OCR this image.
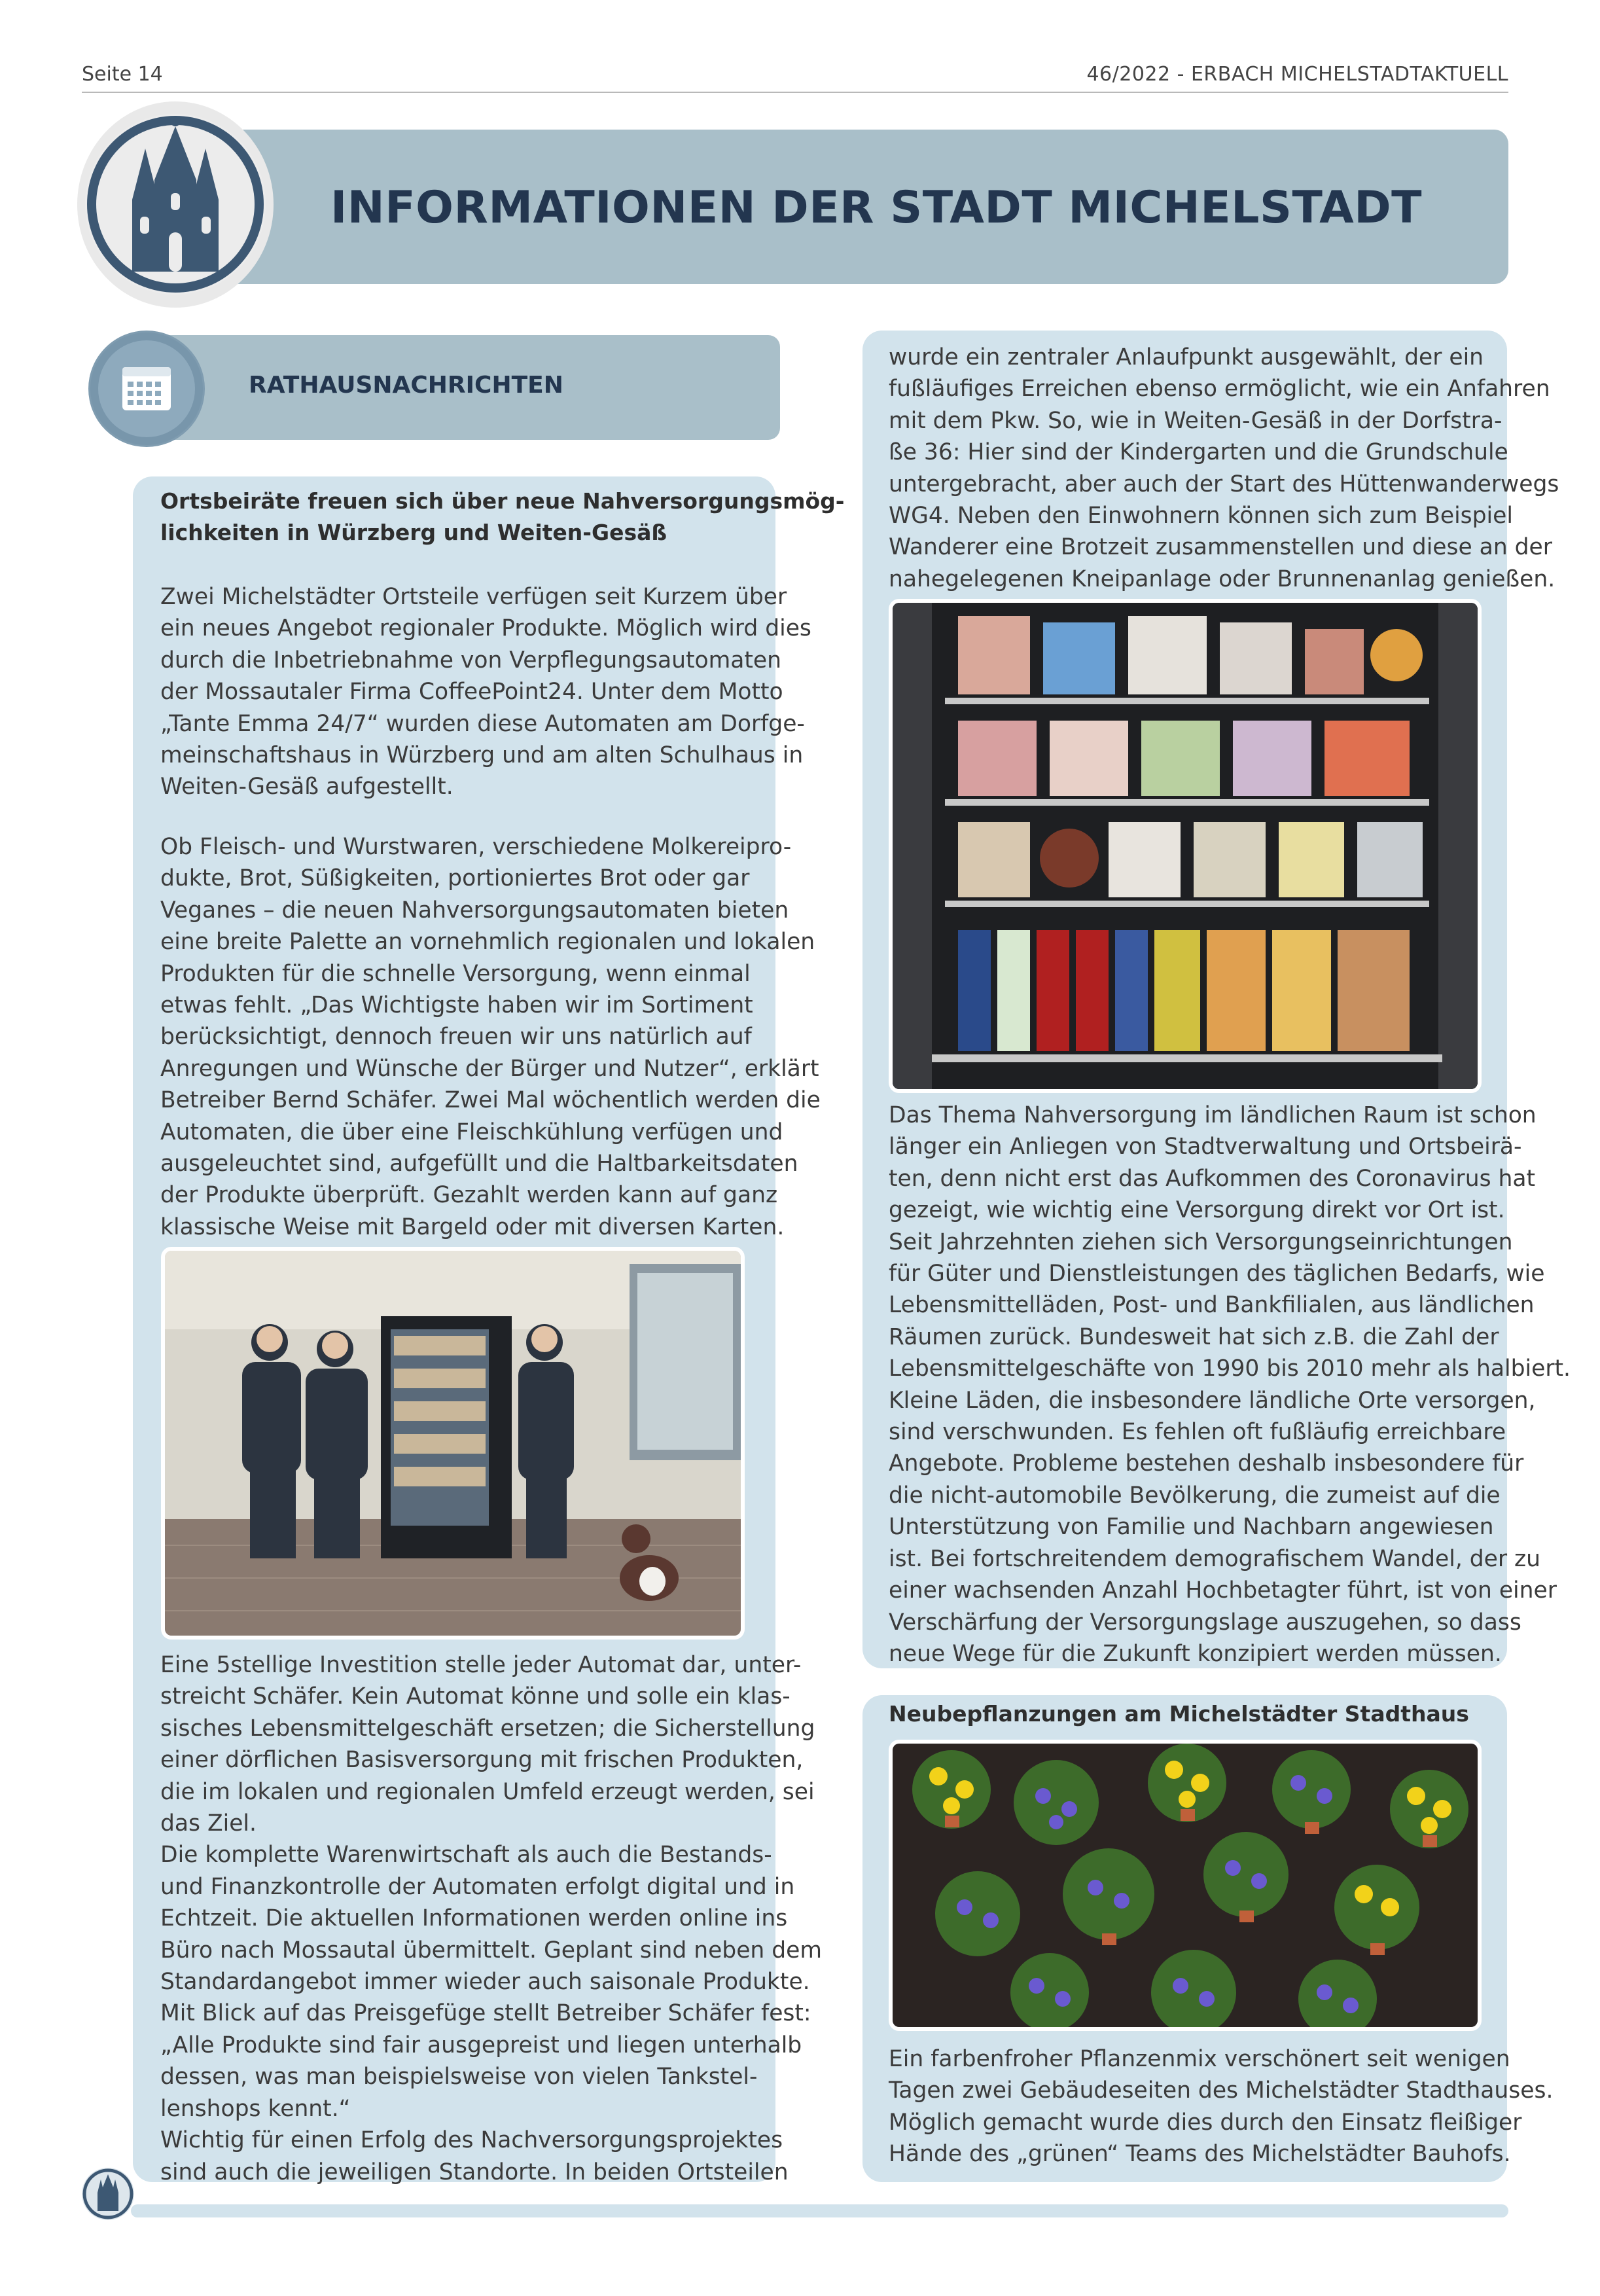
Seite 14	46/2022 - ERBACH MICHELSTADTAKTUELL
INFORMATIONEN DER STADT MICHELSTADT
RATHAUSNACHRICHTEN
Ortsbeiräte freuen sich über neue Nahversorgungsmög-
lichkeiten in Würzberg und Weiten-Gesäß
Zwei Michelstädter Ortsteile verfügen seit Kurzem über
ein neues Angebot regionaler Produkte. Möglich wird dies
durch die Inbetriebnahme von Verpflegungsautomaten
der Mossautaler Firma CoffeePoint24. Unter dem Motto
„Tante Emma 24/7“ wurden diese Automaten am Dorfge-
meinschaftshaus in Würzberg und am alten Schulhaus in
Weiten-Gesäß aufgestellt.
Ob Fleisch- und Wurstwaren, verschiedene Molkereipro-
dukte, Brot, Süßigkeiten, portioniertes Brot oder gar
Veganes – die neuen Nahversorgungsautomaten bieten
eine breite Palette an vornehmlich regionalen und lokalen
Produkten für die schnelle Versorgung, wenn einmal
etwas fehlt. „Das Wichtigste haben wir im Sortiment
berücksichtigt, dennoch freuen wir uns natürlich auf
Anregungen und Wünsche der Bürger und Nutzer“, erklärt
Betreiber Bernd Schäfer. Zwei Mal wöchentlich werden die
Automaten, die über eine Fleischkühlung verfügen und
ausgeleuchtet sind, aufgefüllt und die Haltbarkeitsdaten
der Produkte überprüft. Gezahlt werden kann auf ganz
klassische Weise mit Bargeld oder mit diversen Karten.
Eine 5stellige Investition stelle jeder Automat dar, unter-
streicht Schäfer. Kein Automat könne und solle ein klas-
sisches Lebensmittelgeschäft ersetzen; die Sicherstellung
einer dörflichen Basisversorgung mit frischen Produkten,
die im lokalen und regionalen Umfeld erzeugt werden, sei
das Ziel.
Die komplette Warenwirtschaft als auch die Bestands-
und Finanzkontrolle der Automaten erfolgt digital und in
Echtzeit. Die aktuellen Informationen werden online ins
Büro nach Mossautal übermittelt. Geplant sind neben dem
Standardangebot immer wieder auch saisonale Produkte.
Mit Blick auf das Preisgefüge stellt Betreiber Schäfer fest:
„Alle Produkte sind fair ausgepreist und liegen unterhalb
dessen, was man beispielsweise von vielen Tankstel-
lenshops kennt.“
Wichtig für einen Erfolg des Nachversorgungsprojektes
sind auch die jeweiligen Standorte. In beiden Ortsteilen
wurde ein zentraler Anlaufpunkt ausgewählt, der ein
fußläufiges Erreichen ebenso ermöglicht, wie ein Anfahren
mit dem Pkw. So, wie in Weiten-Gesäß in der Dorfstra-
ße 36: Hier sind der Kindergarten und die Grundschule
untergebracht, aber auch der Start des Hüttenwanderwegs
WG4. Neben den Einwohnern können sich zum Beispiel
Wanderer eine Brotzeit zusammenstellen und diese an der
nahegelegenen Kneipanlage oder Brunnenanlag genießen.
Das Thema Nahversorgung im ländlichen Raum ist schon
länger ein Anliegen von Stadtverwaltung und Ortsbeirä-
ten, denn nicht erst das Aufkommen des Coronavirus hat
gezeigt, wie wichtig eine Versorgung direkt vor Ort ist.
Seit Jahrzehnten ziehen sich Versorgungseinrichtungen
für Güter und Dienstleistungen des täglichen Bedarfs, wie
Lebensmittelläden, Post- und Bankfilialen, aus ländlichen
Räumen zurück. Bundesweit hat sich z.B. die Zahl der
Lebensmittelgeschäfte von 1990 bis 2010 mehr als halbiert.
Kleine Läden, die insbesondere ländliche Orte versorgen,
sind verschwunden. Es fehlen oft fußläufig erreichbare
Angebote. Probleme bestehen deshalb insbesondere für
die nicht-automobile Bevölkerung, die zumeist auf die
Unterstützung von Familie und Nachbarn angewiesen
ist. Bei fortschreitendem demografischem Wandel, der zu
einer wachsenden Anzahl Hochbetagter führt, ist von einer
Verschärfung der Versorgungslage auszugehen, so dass
neue Wege für die Zukunft konzipiert werden müssen.
Neubepflanzungen am Michelstädter Stadthaus
Ein farbenfroher Pflanzenmix verschönert seit wenigen
Tagen zwei Gebäudeseiten des Michelstädter Stadthauses.
Möglich gemacht wurde dies durch den Einsatz fleißiger
Hände des „grünen“ Teams des Michelstädter Bauhofs.
